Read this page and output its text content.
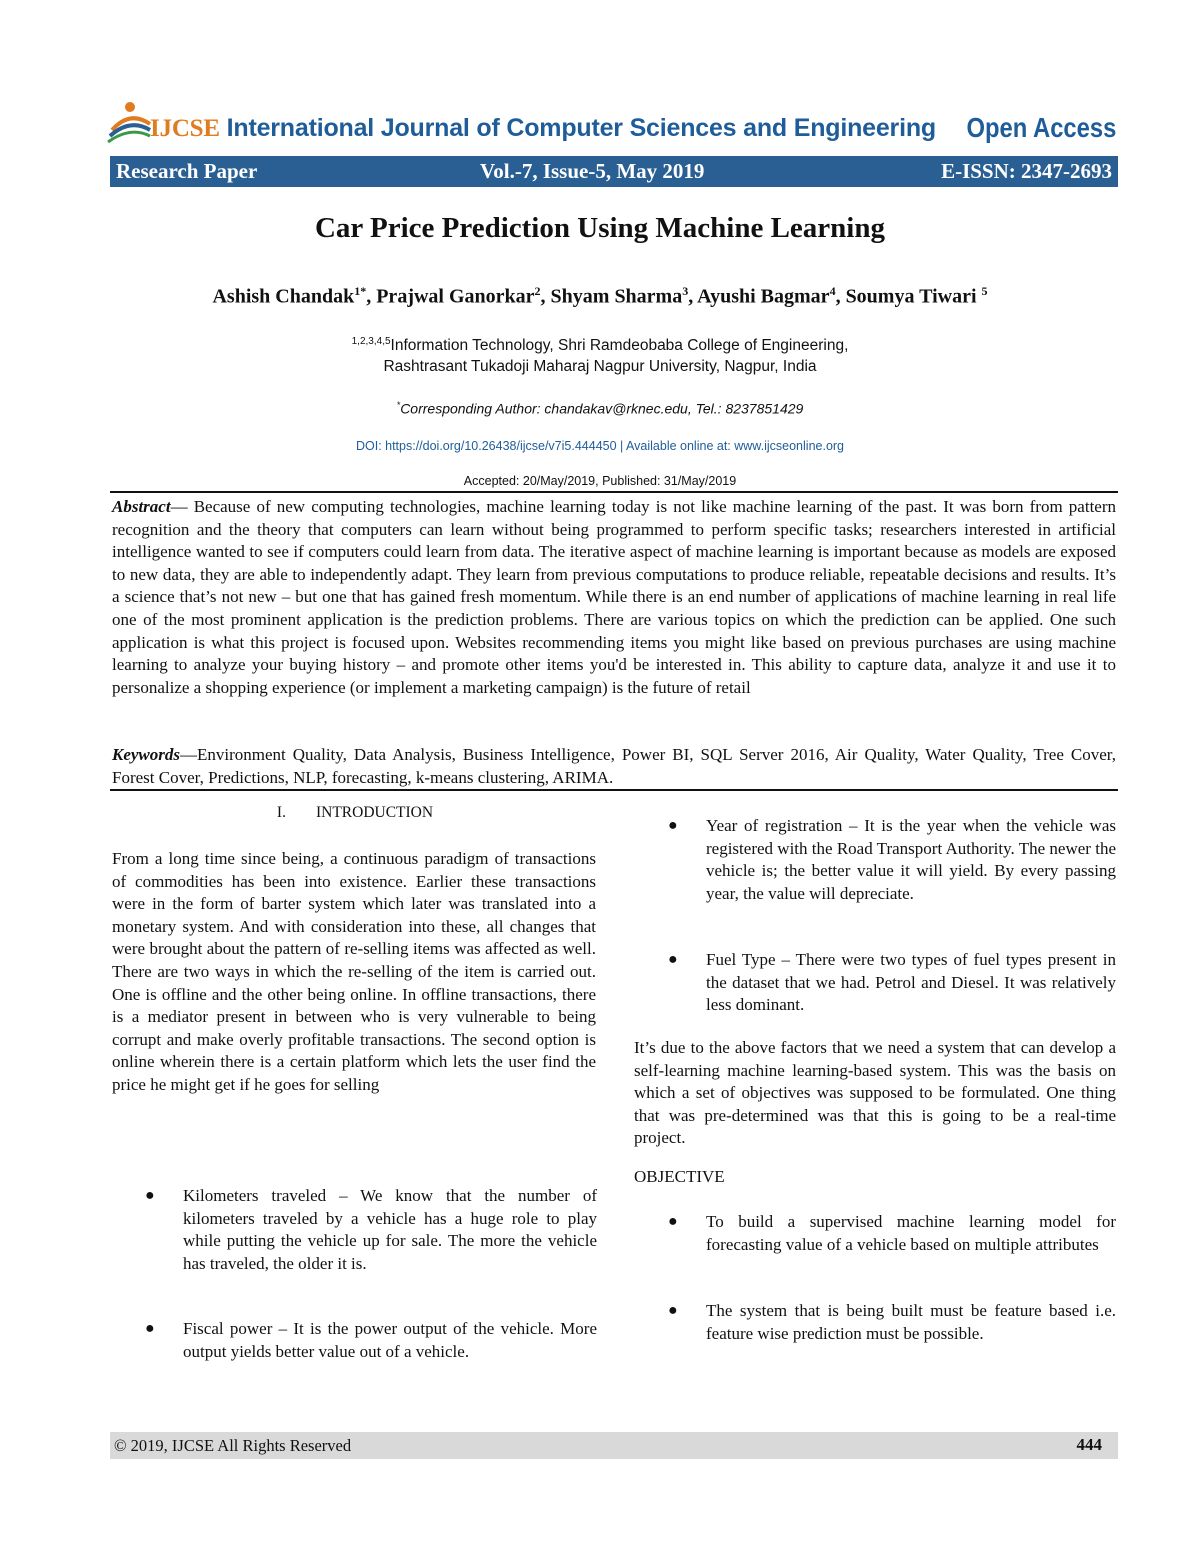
IJCSE International Journal of Computer Sciences and Engineering Open Access
Research Paper	Vol.-7, Issue-5, May 2019	E-ISSN: 2347-2693
Car Price Prediction Using Machine Learning
Ashish Chandak$^{1*}$, Prajwal Ganorkar$^2$, Shyam Sharma$^3$, Ayushi Bagmar$^4$, Soumya Tiwari $^5$
$^{1,2,3,4,5}$Information Technology, Shri Ramdeobaba College of Engineering,
Rashtrasant Tukadoji Maharaj Nagpur University, Nagpur, India
*Corresponding Author: chandakav@rknec.edu, Tel.: 8237851429
DOI: https://doi.org/10.26438/ijcse/v7i5.444450 | Available online at: www.ijcseonline.org
Accepted: 20/May/2019, Published: 31/May/2019
Abstract— Because of new computing technologies, machine learning today is not like machine learning of the past. It was born from pattern recognition and the theory that computers can learn without being programmed to perform specific tasks; researchers interested in artificial intelligence wanted to see if computers could learn from data. The iterative aspect of machine learning is important because as models are exposed to new data, they are able to independently adapt. They learn from previous computations to produce reliable, repeatable decisions and results. It’s a science that’s not new – but one that has gained fresh momentum. While there is an end number of applications of machine learning in real life one of the most prominent application is the prediction problems. There are various topics on which the prediction can be applied. One such application is what this project is focused upon. Websites recommending items you might like based on previous purchases are using machine learning to analyze your buying history – and promote other items you'd be interested in. This ability to capture data, analyze it and use it to personalize a shopping experience (or implement a marketing campaign) is the future of retail
Keywords—Environment Quality, Data Analysis, Business Intelligence, Power BI, SQL Server 2016, Air Quality, Water Quality, Tree Cover, Forest Cover, Predictions, NLP, forecasting, k-means clustering, ARIMA.
I. INTRODUCTION
From a long time since being, a continuous paradigm of transactions of commodities has been into existence. Earlier these transactions were in the form of barter system which later was translated into a monetary system. And with consideration into these, all changes that were brought about the pattern of re-selling items was affected as well. There are two ways in which the re-selling of the item is carried out. One is offline and the other being online. In offline transactions, there is a mediator present in between who is very vulnerable to being corrupt and make overly profitable transactions. The second option is online wherein there is a certain platform which lets the user find the price he might get if he goes for selling
● Kilometers traveled – We know that the number of kilometers traveled by a vehicle has a huge role to play while putting the vehicle up for sale. The more the vehicle has traveled, the older it is.
● Fiscal power – It is the power output of the vehicle. More output yields better value out of a vehicle.
● Year of registration – It is the year when the vehicle was registered with the Road Transport Authority. The newer the vehicle is; the better value it will yield. By every passing year, the value will depreciate.
● Fuel Type – There were two types of fuel types present in the dataset that we had. Petrol and Diesel. It was relatively less dominant.
It’s due to the above factors that we need a system that can develop a self-learning machine learning-based system. This was the basis on which a set of objectives was supposed to be formulated. One thing that was pre-determined was that this is going to be a real-time project.
OBJECTIVE
● To build a supervised machine learning model for forecasting value of a vehicle based on multiple attributes
● The system that is being built must be feature based i.e. feature wise prediction must be possible.
© 2019, IJCSE All Rights Reserved	444
